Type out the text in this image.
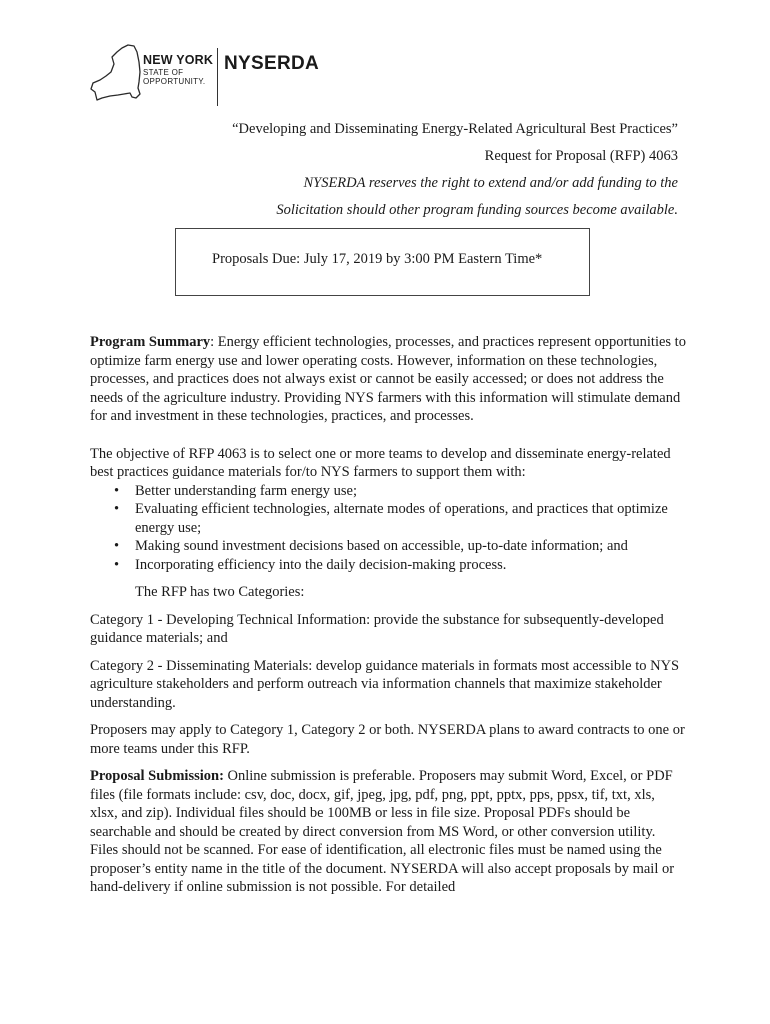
NEW YORK
STATE OF
OPPORTUNITY.
NYSERDA
“Developing and Disseminating Energy-Related Agricultural Best Practices”
Request for Proposal (RFP) 4063
NYSERDA reserves the right to extend and/or add funding to the
Solicitation should other program funding sources become available.
Proposals Due: July 17, 2019 by 3:00 PM Eastern Time*

Program Summary: Energy efficient technologies, processes, and practices represent opportunities to optimize farm energy use and lower operating costs. However, information on these technologies, processes, and practices does not always exist or cannot be easily accessed; or does not address the needs of the agriculture industry. Providing NYS farmers with this information will stimulate demand for and investment in these technologies, practices, and processes.

The objective of RFP 4063 is to select one or more teams to develop and disseminate energy-related best practices guidance materials for/to NYS farmers to support them with:

• Better understanding farm energy use;
• Evaluating efficient technologies, alternate modes of operations, and practices that optimize energy use;
• Making sound investment decisions based on accessible, up-to-date information; and
• Incorporating efficiency into the daily decision-making process.

The RFP has two Categories:

Category 1 - Developing Technical Information: provide the substance for subsequently-developed guidance materials; and

Category 2 - Disseminating Materials: develop guidance materials in formats most accessible to NYS agriculture stakeholders and perform outreach via information channels that maximize stakeholder understanding.

Proposers may apply to Category 1, Category 2 or both. NYSERDA plans to award contracts to one or more teams under this RFP.

Proposal Submission: Online submission is preferable. Proposers may submit Word, Excel, or PDF files (file formats include: csv, doc, docx, gif, jpeg, jpg, pdf, png, ppt, pptx, pps, ppsx, tif, txt, xls, xlsx, and zip). Individual files should be 100MB or less in file size. Proposal PDFs should be searchable and should be created by direct conversion from MS Word, or other conversion utility. Files should not be scanned. For ease of identification, all electronic files must be named using the proposer’s entity name in the title of the document. NYSERDA will also accept proposals by mail or hand-delivery if online submission is not possible. For detailed
